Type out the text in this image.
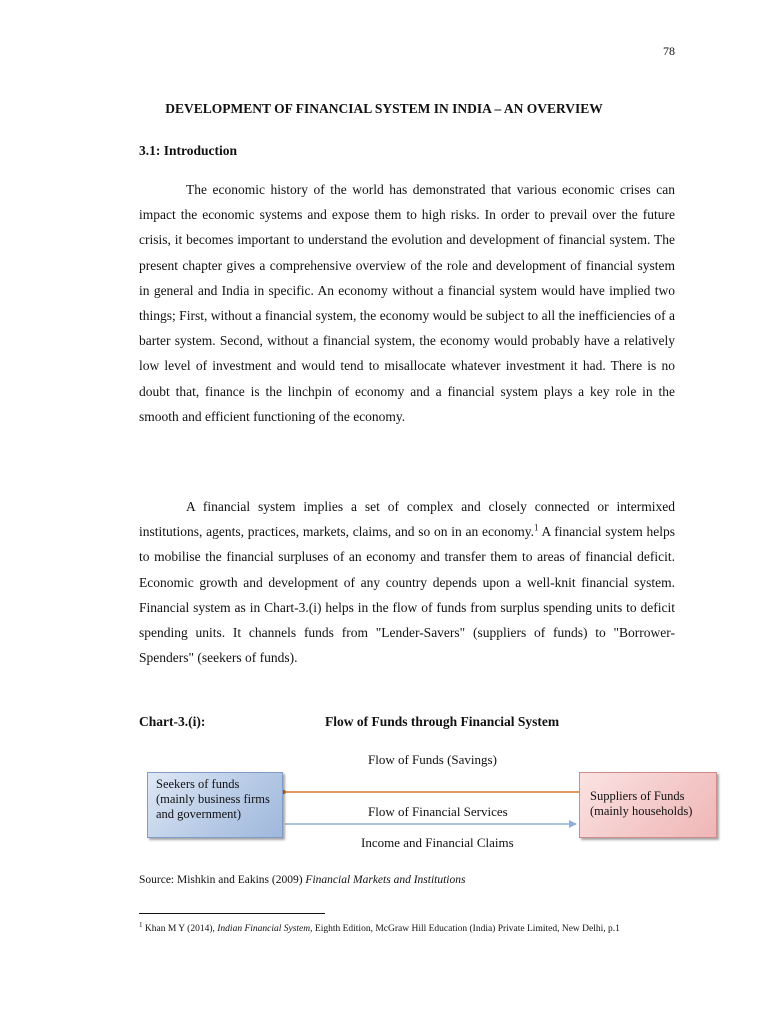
78
DEVELOPMENT OF FINANCIAL SYSTEM IN INDIA – AN OVERVIEW
3.1: Introduction

The economic history of the world has demonstrated that various economic crises can impact the economic systems and expose them to high risks. In order to prevail over the future crisis, it becomes important to understand the evolution and development of financial system. The present chapter gives a comprehensive overview of the role and development of financial system in general and India in specific. An economy without a financial system would have implied two things; First, without a financial system, the economy would be subject to all the inefficiencies of a barter system. Second, without a financial system, the economy would probably have a relatively low level of investment and would tend to misallocate whatever investment it had. There is no doubt that, finance is the linchpin of economy and a financial system plays a key role in the smooth and efficient functioning of the economy.

A financial system implies a set of complex and closely connected or intermixed institutions, agents, practices, markets, claims, and so on in an economy.$^1$ A financial system helps to mobilise the financial surpluses of an economy and transfer them to areas of financial deficit. Economic growth and development of any country depends upon a well-knit financial system. Financial system as in Chart-3.(i) helps in the flow of funds from surplus spending units to deficit spending units. It channels funds from "Lender-Savers" (suppliers of funds) to "Borrower-Spenders" (seekers of funds).

Chart-3.(i):	Flow of Funds through Financial System
Flow of Funds (Savings)
Flow of Financial Services
Income and Financial Claims
Seekers of funds (mainly business firms and government)
Suppliers of Funds (mainly households)
Source: Mishkin and Eakins (2009) Financial Markets and Institutions
$^1$ Khan M Y (2014), Indian Financial System, Eighth Edition, McGraw Hill Education (India) Private Limited, New Delhi, p.1
